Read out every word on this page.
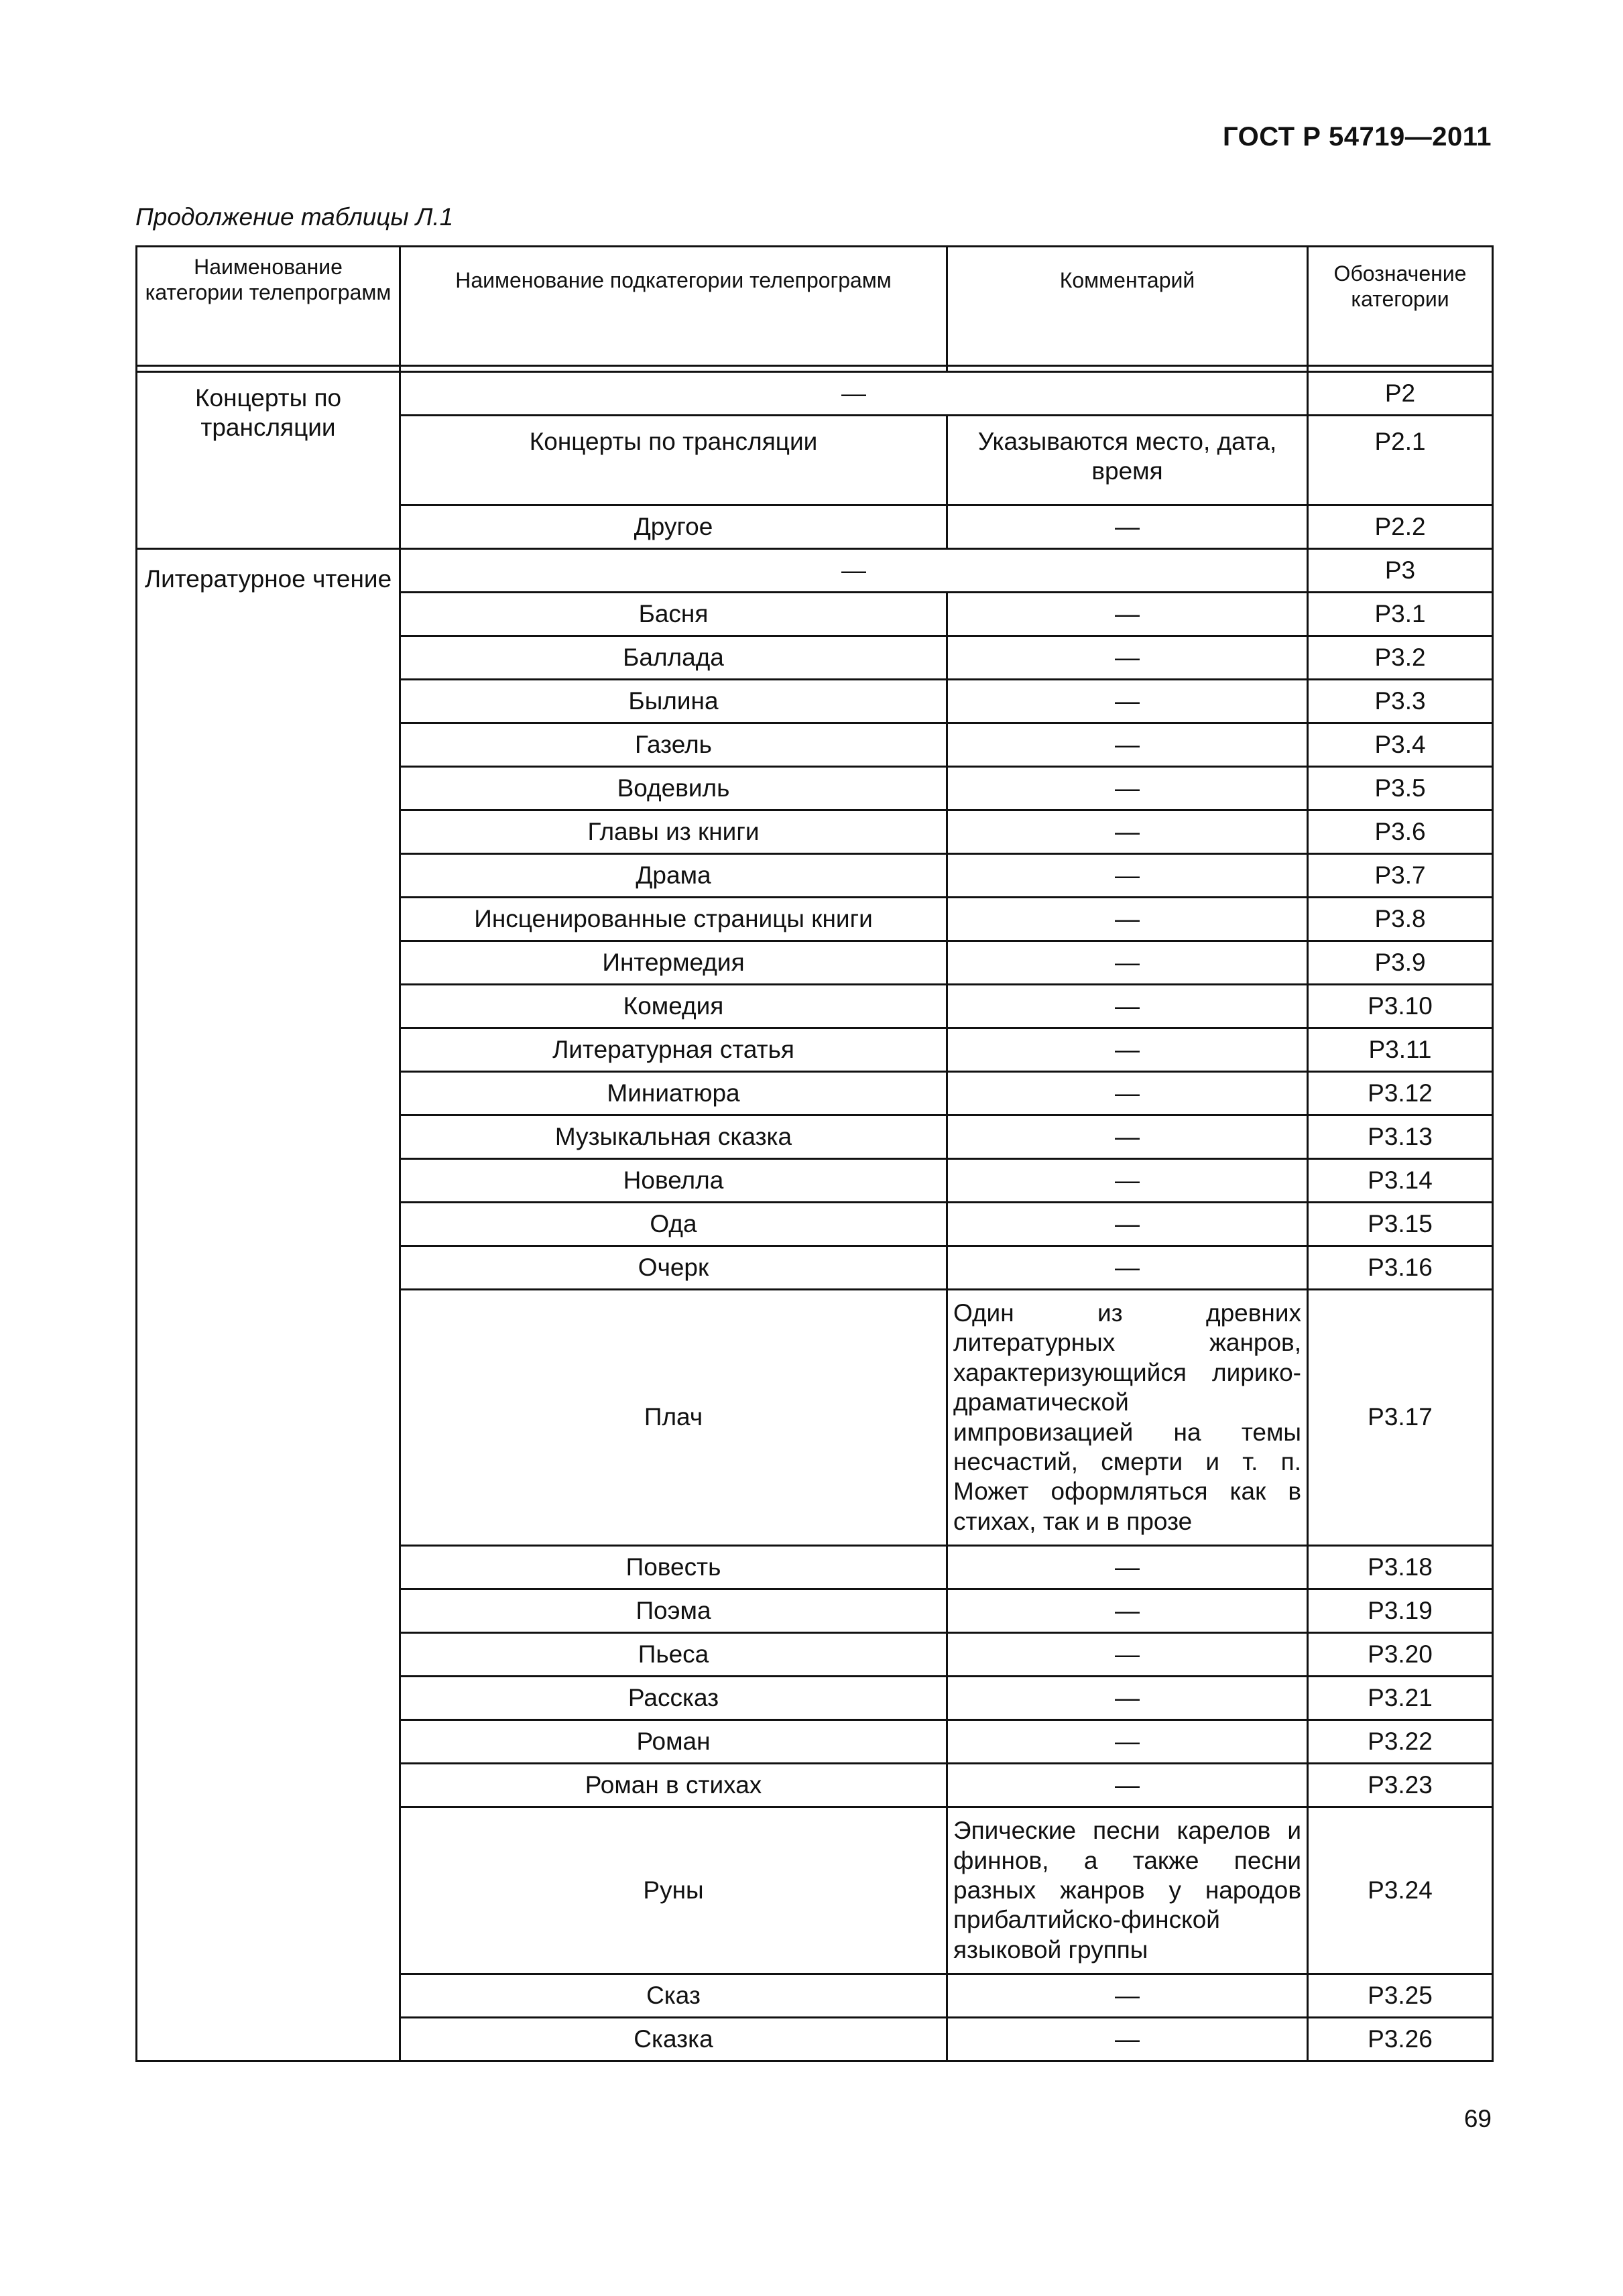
ГОСТ Р 54719—2011
Продолжение таблицы Л.1
Наименование категории телепрограмм	Наименование подкатегории телепрограмм	Комментарий	Обозначение категории

Концерты по трансляции	—		Р2
	Концерты по трансляции	Указываются место, дата, время	Р2.1
	Другое	—	Р2.2
Литературное чтение	—		Р3
	Басня	—	Р3.1
	Баллада	—	Р3.2
	Былина	—	Р3.3
	Газель	—	Р3.4
	Водевиль	—	Р3.5
	Главы из книги	—	Р3.6
	Драма	—	Р3.7
	Инсценированные страницы книги	—	Р3.8
	Интермедия	—	Р3.9
	Комедия	—	Р3.10
	Литературная статья	—	Р3.11
	Миниатюра	—	Р3.12
	Музыкальная сказка	—	Р3.13
	Новелла	—	Р3.14
	Ода	—	Р3.15
	Очерк	—	Р3.16
	Плач	Один из древних литературных жанров, характеризующийся лирико-драматической импровизацией на темы несчастий, смерти и т. п. Может оформляться как в стихах, так и в прозе	Р3.17
	Повесть	—	Р3.18
	Поэма	—	Р3.19
	Пьеса	—	Р3.20
	Рассказ	—	Р3.21
	Роман	—	Р3.22
	Роман в стихах	—	Р3.23
	Руны	Эпические песни карелов и финнов, а также песни разных жанров у народов прибалтийско-финской языковой группы	Р3.24
	Сказ	—	Р3.25
	Сказка	—	Р3.26
69
